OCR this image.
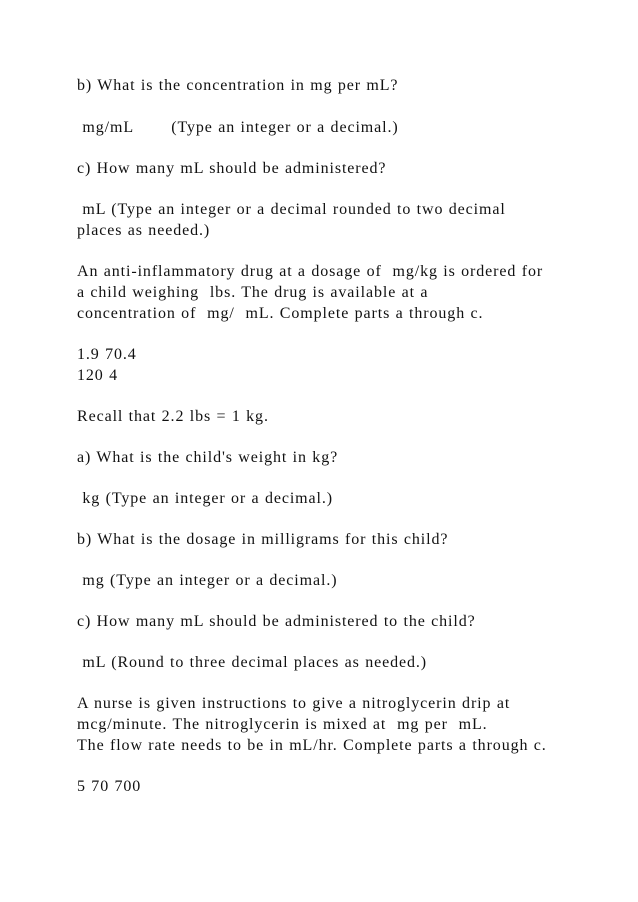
b) What is the concentration in mg per mL?

mg/mL       (Type an integer or a decimal.)

c) How many mL should be administered?

mL (Type an integer or a decimal rounded to two decimal

places as needed.)

An anti-inflammatory drug at a dosage of  mg/kg is ordered for

a child weighing  lbs. The drug is available at a

concentration of  mg/  mL. Complete parts a through c.

1.9 70.4

120 4

Recall that 2.2 lbs = 1 kg.

a) What is the child's weight in kg?

kg (Type an integer or a decimal.)

b) What is the dosage in milligrams for this child?

mg (Type an integer or a decimal.)

c) How many mL should be administered to the child?

mL (Round to three decimal places as needed.)

A nurse is given instructions to give a nitroglycerin drip at

mcg/minute. The nitroglycerin is mixed at  mg per  mL.

The flow rate needs to be in mL/hr. Complete parts a through c.

5 70 700
